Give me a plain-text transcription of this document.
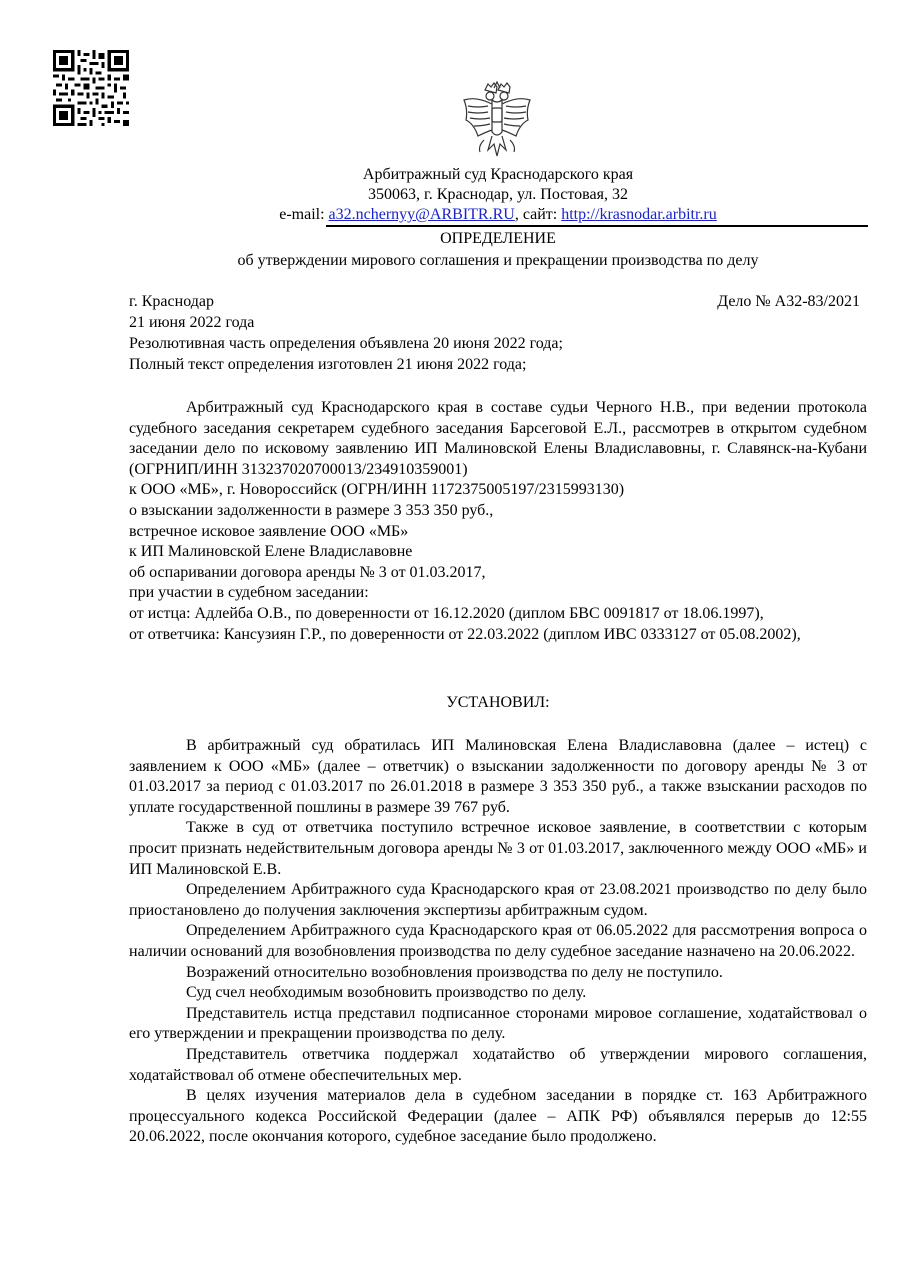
Арбитражный суд Краснодарского края
350063, г. Краснодар, ул. Постовая, 32
e-mail: a32.nchernyy@ARBITR.RU, сайт: http://krasnodar.arbitr.ru
ОПРЕДЕЛЕНИЕ
об утверждении мирового соглашения и прекращении производства по делу
г. Краснодар	Дело № А32-83/2021
21 июня 2022 года
Резолютивная часть определения объявлена 20 июня 2022 года;
Полный текст определения изготовлен 21 июня 2022 года;

Арбитражный суд Краснодарского края в составе судьи Черного Н.В., при ведении протокола судебного заседания секретарем судебного заседания Барсеговой Е.Л., рассмотрев в открытом судебном заседании дело по исковому заявлению ИП Малиновской Елены Владиславовны, г. Славянск-на-Кубани (ОГРНИП/ИНН 313237020700013/234910359001)

к ООО «МБ», г. Новороссийск (ОГРН/ИНН 1172375005197/2315993130)

о взыскании задолженности в размере 3 353 350 руб.,

встречное исковое заявление ООО «МБ»

к ИП Малиновской Елене Владиславовне

об оспаривании договора аренды № 3 от 01.03.2017,

при участии в судебном заседании:

от истца: Адлейба О.В., по доверенности от 16.12.2020 (диплом БВС 0091817 от 18.06.1997),

от ответчика: Кансузиян Г.Р., по доверенности от 22.03.2022 (диплом ИВС 0333127 от 05.08.2002),

УСТАНОВИЛ:

В арбитражный суд обратилась ИП Малиновская Елена Владиславовна (далее – истец) с заявлением к ООО «МБ» (далее – ответчик) о взыскании задолженности по договору аренды № 3 от 01.03.2017 за период с 01.03.2017 по 26.01.2018 в размере 3 353 350 руб., а также взыскании расходов по уплате государственной пошлины в размере 39 767 руб.

Также в суд от ответчика поступило встречное исковое заявление, в соответствии с которым просит признать недействительным договора аренды № 3 от 01.03.2017, заключенного между ООО «МБ» и ИП Малиновской Е.В.

Определением Арбитражного суда Краснодарского края от 23.08.2021 производство по делу было приостановлено до получения заключения экспертизы арбитражным судом.

Определением Арбитражного суда Краснодарского края от 06.05.2022 для рассмотрения вопроса о наличии оснований для возобновления производства по делу судебное заседание назначено на 20.06.2022.

Возражений относительно возобновления производства по делу не поступило.

Суд счел необходимым возобновить производство по делу.

Представитель истца представил подписанное сторонами мировое соглашение, ходатайствовал о его утверждении и прекращении производства по делу.

Представитель ответчика поддержал ходатайство об утверждении мирового соглашения, ходатайствовал об отмене обеспечительных мер.

В целях изучения материалов дела в судебном заседании в порядке ст. 163 Арбитражного процессуального кодекса Российской Федерации (далее – АПК РФ) объявлялся перерыв до 12:55 20.06.2022, после окончания которого, судебное заседание было продолжено.
